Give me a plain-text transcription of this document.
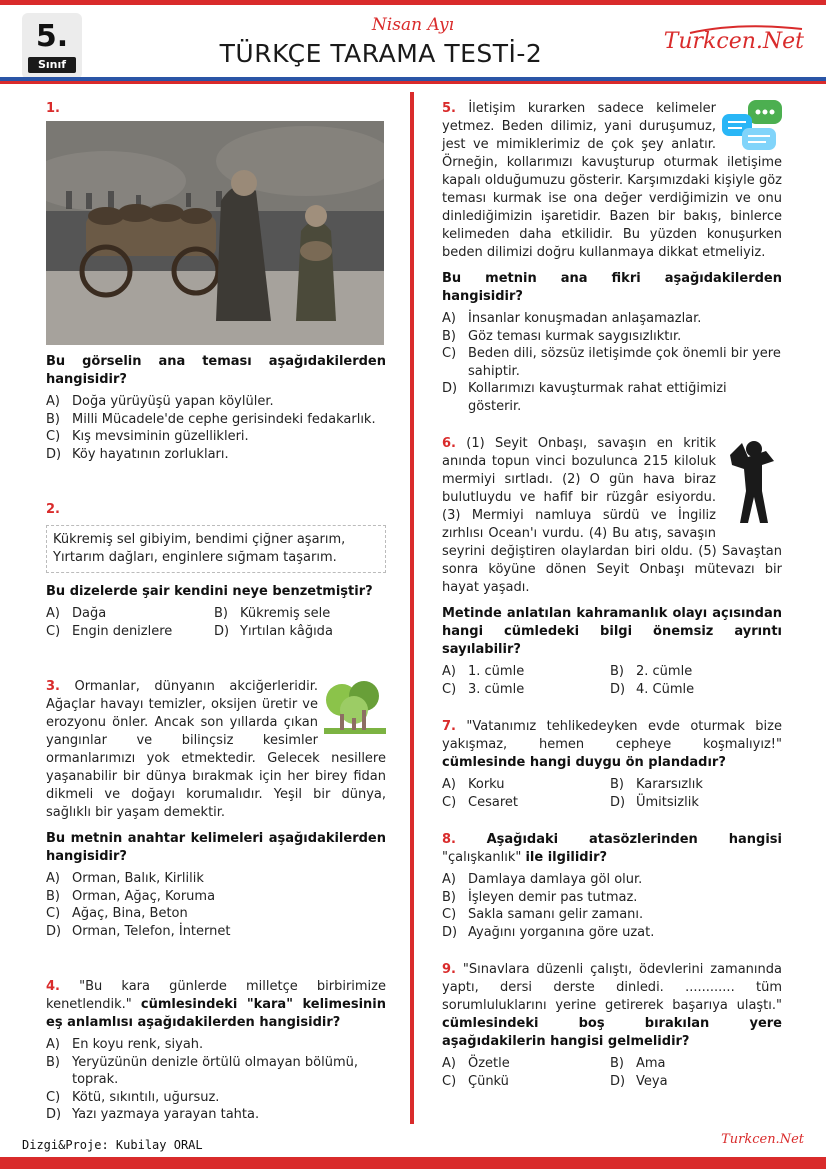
5.
Sınıf
Nisan Ayı
TÜRKÇE TARAMA TESTİ-2	Turkcen.Net
1.

Bu görselin ana teması aşağıdakilerden hangisidir?

A) Doğa yürüyüşü yapan köylüler.
B) Milli Mücadele'de cephe gerisindeki fedakarlık.
C) Kış mevsiminin güzellikleri.
D) Köy hayatının zorlukları.
2.
Kükremiş sel gibiyim, bendimi çiğner aşarım,
Yırtarım dağları, enginlere sığmam taşarım.

Bu dizelerde şair kendini neye benzetmiştir?

A) Dağa	B) Kükremiş sele
C) Engin denizlere	D) Yırtılan kâğıda

3. Ormanlar, dünyanın akciğerleridir. Ağaçlar havayı temizler, oksijen üretir ve erozyonu önler. Ancak son yıllarda çıkan yangınlar ve bilinçsiz kesimler ormanlarımızı yok etmektedir. Gelecek nesillere yaşanabilir bir dünya bırakmak için her birey fidan dikmeli ve doğayı korumalıdır. Yeşil bir dünya, sağlıklı bir yaşam demektir.

Bu metnin anahtar kelimeleri aşağıdakilerden hangisidir?

A) Orman, Balık, Kirlilik
B) Orman, Ağaç, Koruma
C) Ağaç, Bina, Beton
D) Orman, Telefon, İnternet

4. "Bu kara günlerde milletçe birbirimize kenetlendik." cümlesindeki "kara" kelimesinin eş anlamlısı aşağıdakilerden hangisidir?

A) En koyu renk, siyah.
B) Yeryüzünün denizle örtülü olmayan bölümü, toprak.
C) Kötü, sıkıntılı, uğursuz.
D) Yazı yazmaya yarayan tahta.

5. İletişim kurarken sadece kelimeler yetmez. Beden dilimiz, yani duruşumuz, jest ve mimiklerimiz de çok şey anlatır. Örneğin, kollarımızı kavuşturup oturmak iletişime kapalı olduğumuzu gösterir. Karşımızdaki kişiyle göz teması kurmak ise ona değer verdiğimizin ve onu dinlediğimizin işaretidir. Bazen bir bakış, binlerce kelimeden daha etkilidir. Bu yüzden konuşurken beden dilimizi doğru kullanmaya dikkat etmeliyiz.

Bu metnin ana fikri aşağıdakilerden hangisidir?

A) İnsanlar konuşmadan anlaşamazlar.
B) Göz teması kurmak saygısızlıktır.
C) Beden dili, sözsüz iletişimde çok önemli bir yere sahiptir.
D) Kollarımızı kavuşturmak rahat ettiğimizi gösterir.

6. (1) Seyit Onbaşı, savaşın en kritik anında topun vinci bozulunca 215 kiloluk mermiyi sırtladı. (2) O gün hava biraz bulutluydu ve hafif bir rüzgâr esiyordu. (3) Mermiyi namluya sürdü ve İngiliz zırhlısı Ocean'ı vurdu. (4) Bu atış, savaşın seyrini değiştiren olaylardan biri oldu. (5) Savaştan sonra köyüne dönen Seyit Onbaşı mütevazı bir hayat yaşadı.

Metinde anlatılan kahramanlık olayı açısından hangi cümledeki bilgi önemsiz ayrıntı sayılabilir?

A) 1. cümle	B) 2. cümle
C) 3. cümle	D) 4. Cümle

7. "Vatanımız tehlikedeyken evde oturmak bize yakışmaz, hemen cepheye koşmalıyız!" cümlesinde hangi duygu ön plandadır?

A) Korku	B) Kararsızlık
C) Cesaret	D) Ümitsizlik

8. Aşağıdaki atasözlerinden hangisi "çalışkanlık" ile ilgilidir?

A) Damlaya damlaya göl olur.
B) İşleyen demir pas tutmaz.
C) Sakla samanı gelir zamanı.
D) Ayağını yorganına göre uzat.

9. "Sınavlara düzenli çalıştı, ödevlerini zamanında yaptı, dersi derste dinledi. ............ tüm sorumluluklarını yerine getirerek başarıya ulaştı." cümlesindeki boş bırakılan yere aşağıdakilerin hangisi gelmelidir?

A) Özetle	B) Ama
C) Çünkü	D) Veya
Dizgi&Proje: Kubilay ORAL	Turkcen.Net
